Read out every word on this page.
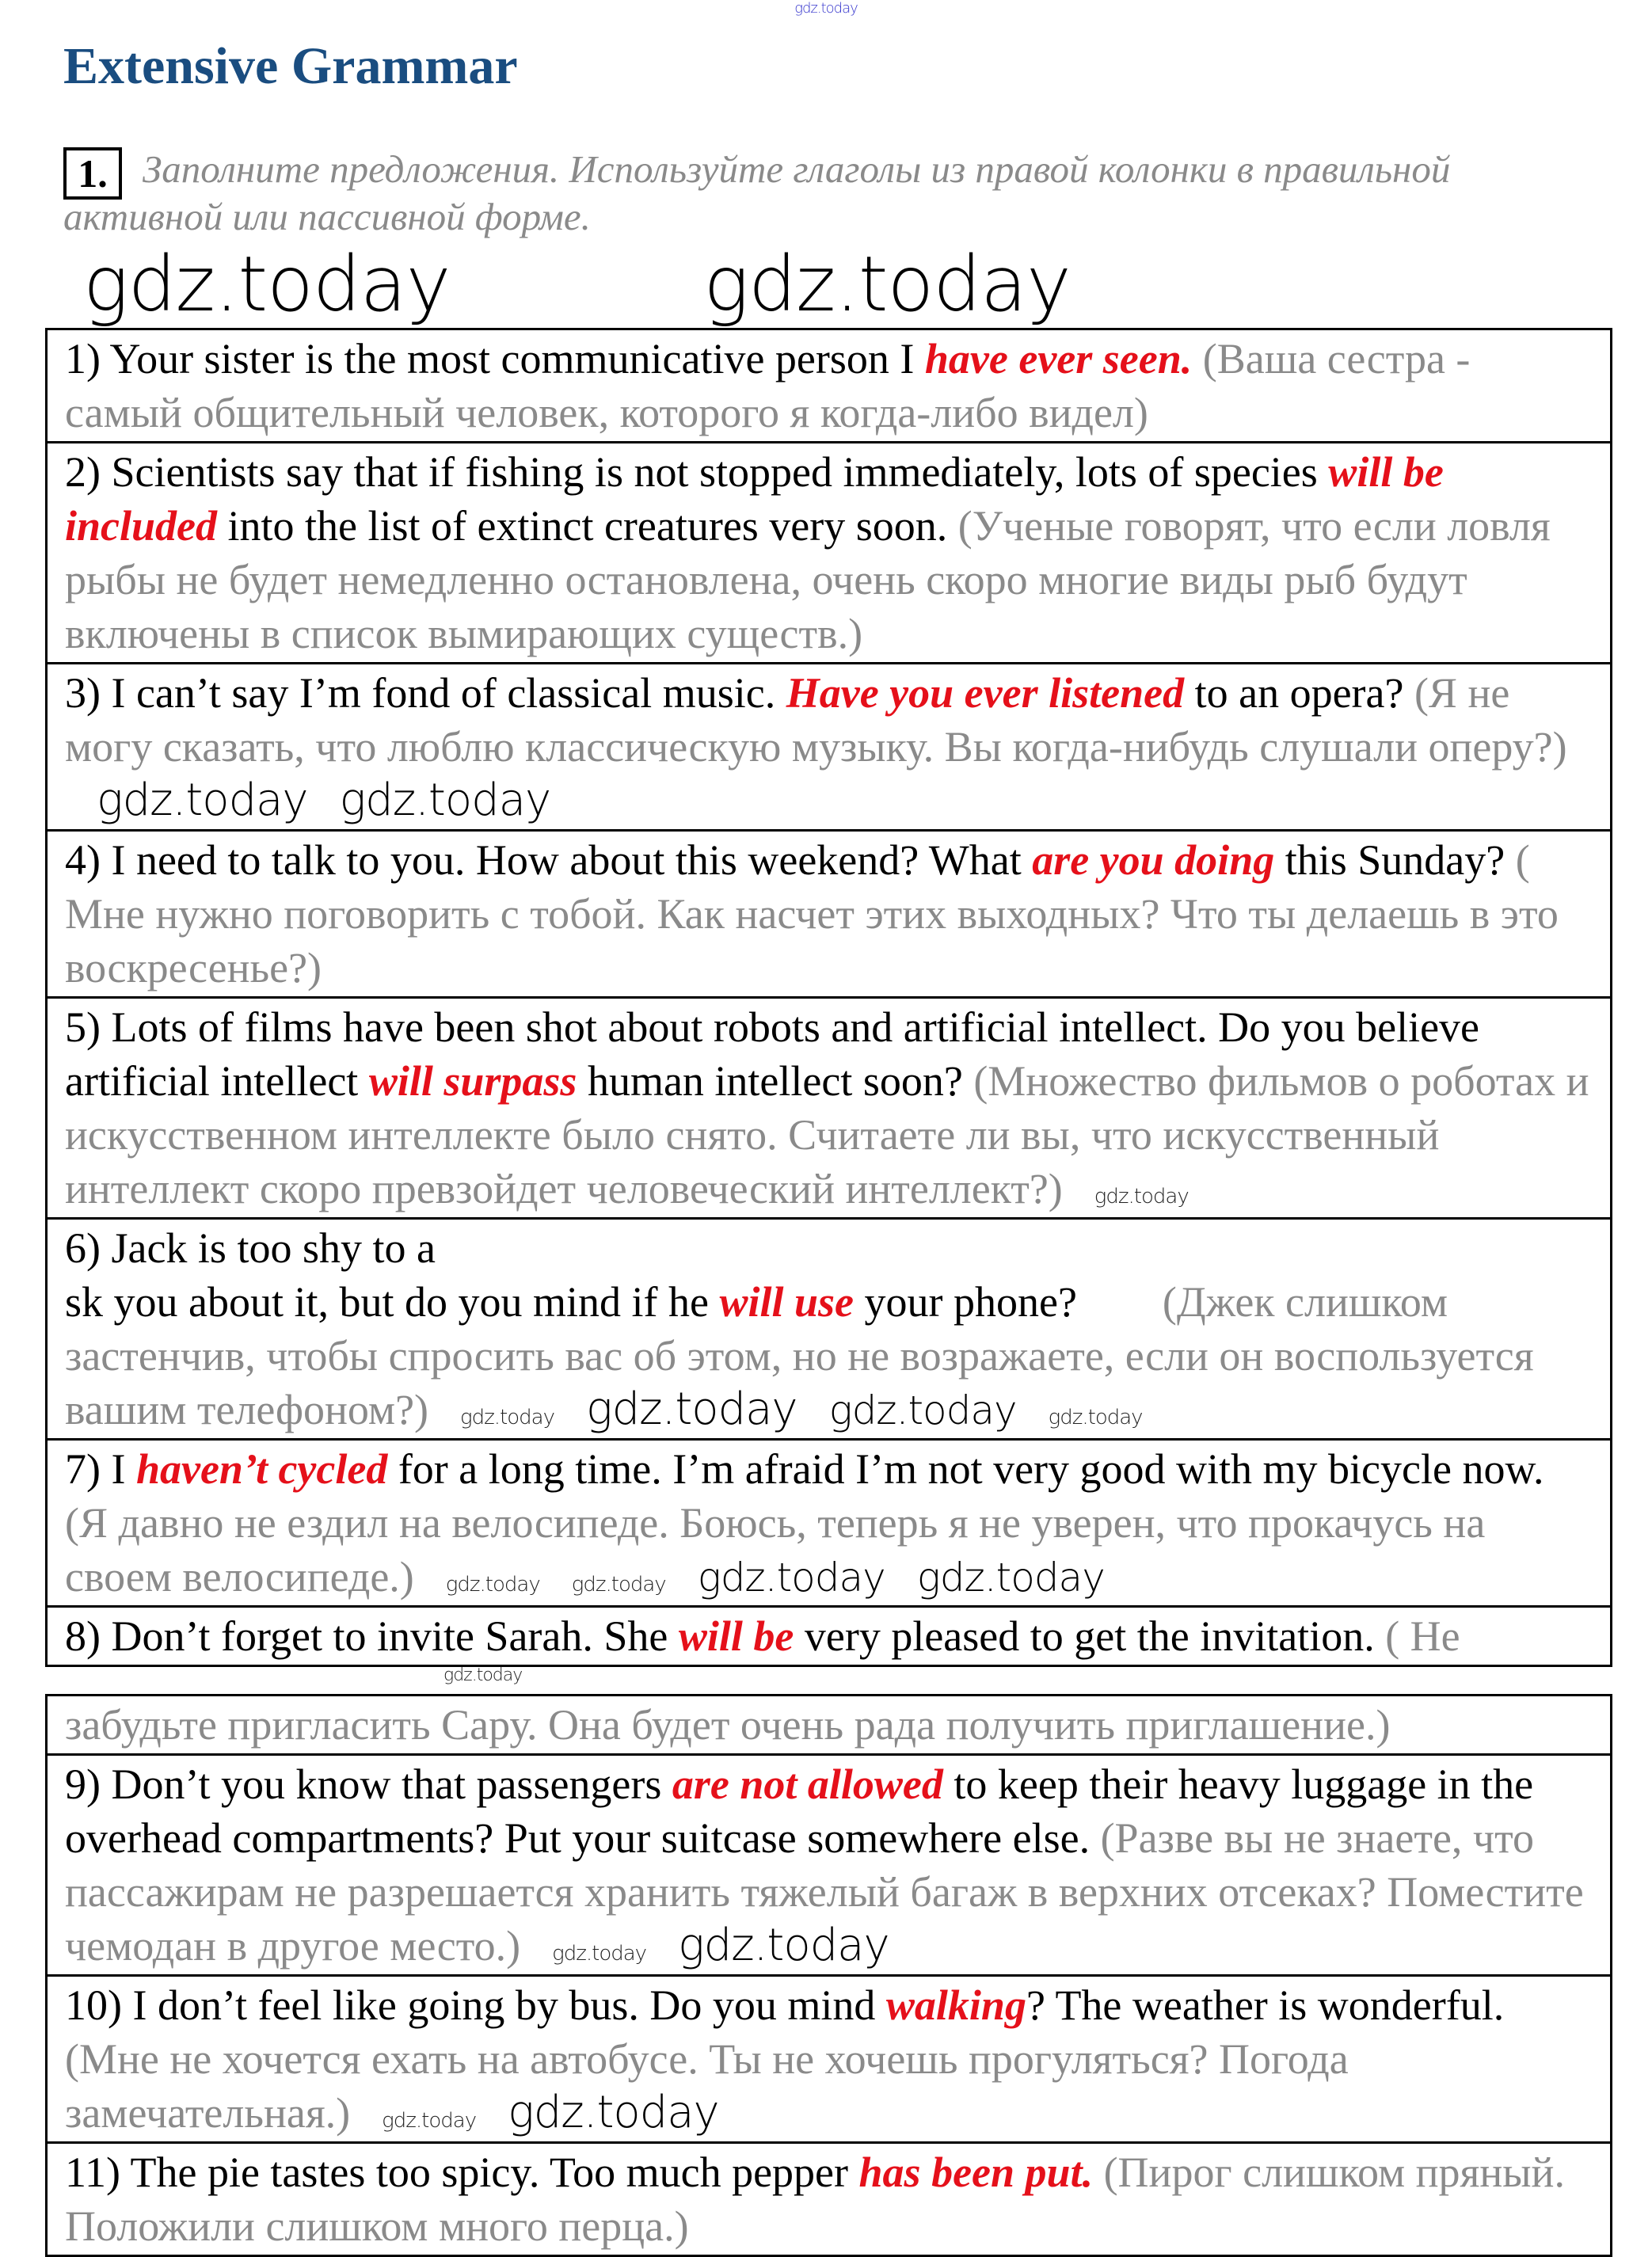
gdz.today
Extensive Grammar
1. Заполните предложения. Используйте глаголы из правой колонки в правильной активной или пассивной форме.
gdz.today	gdz.today
1) Your sister is the most communicative person I have ever seen. (Ваша сестра - самый общительный человек, которого я когда-либо видел)
2) Scientists say that if fishing is not stopped immediately, lots of species will be included into the list of extinct creatures very soon. (Ученые говорят, что если ловля рыбы не будет немедленно остановлена, очень скоро многие виды рыб будут включены в список вымирающих существ.)
3) I can’t say I’m fond of classical music. Have you ever listened to an opera? (Я не могу сказать, что люблю классическую музыку. Вы когда-нибудь слушали оперу?)gdz.today gdz.today
4) I need to talk to you. How about this weekend? What are you doing this Sunday? ( Мне нужно поговорить с тобой. Как насчет этих выходных? Что ты делаешь в это воскресенье?)
5) Lots of films have been shot about robots and artificial intellect. Do you believe artificial intellect will surpass human intellect soon? (Множество фильмов о роботах и искусственном интеллекте было снято. Считаете ли вы, что искусственный интеллект скоро превзойдет человеческий интеллект?) gdz.today
6) Jack is too shy to a
sk you about it, but do you mind if he will use your phone?        (Джек слишком застенчив, чтобы спросить вас об этом, но не возражаете, если он воспользуется вашим телефоном?) gdz.today gdz.today gdz.today gdz.today
7) I haven’t cycled for a long time. I’m afraid I’m not very good with my bicycle now. (Я давно не ездил на велосипеде. Боюсь, теперь я не уверен, что прокачусь на своем велосипеде.) gdz.today gdz.today gdz.today gdz.today
8) Don’t forget to invite Sarah. She will be very pleased to get the invitation. ( Не
gdz.today
забудьте пригласить Сару. Она будет очень рада получить приглашение.)
9) Don’t you know that passengers are not allowed to keep their heavy luggage in the overhead compartments? Put your suitcase somewhere else. (Разве вы не знаете, что пассажирам не разрешается хранить тяжелый багаж в верхних отсеках? Поместите чемодан в другое место.) gdz.today gdz.today
10) I don’t feel like going by bus. Do you mind walking? The weather is wonderful. (Мне не хочется ехать на автобусе. Ты не хочешь прогуляться? Погода замечательная.) gdz.today gdz.today
11) The pie tastes too spicy. Too much pepper has been put. (Пирог слишком пряный. Положили слишком много перца.)
